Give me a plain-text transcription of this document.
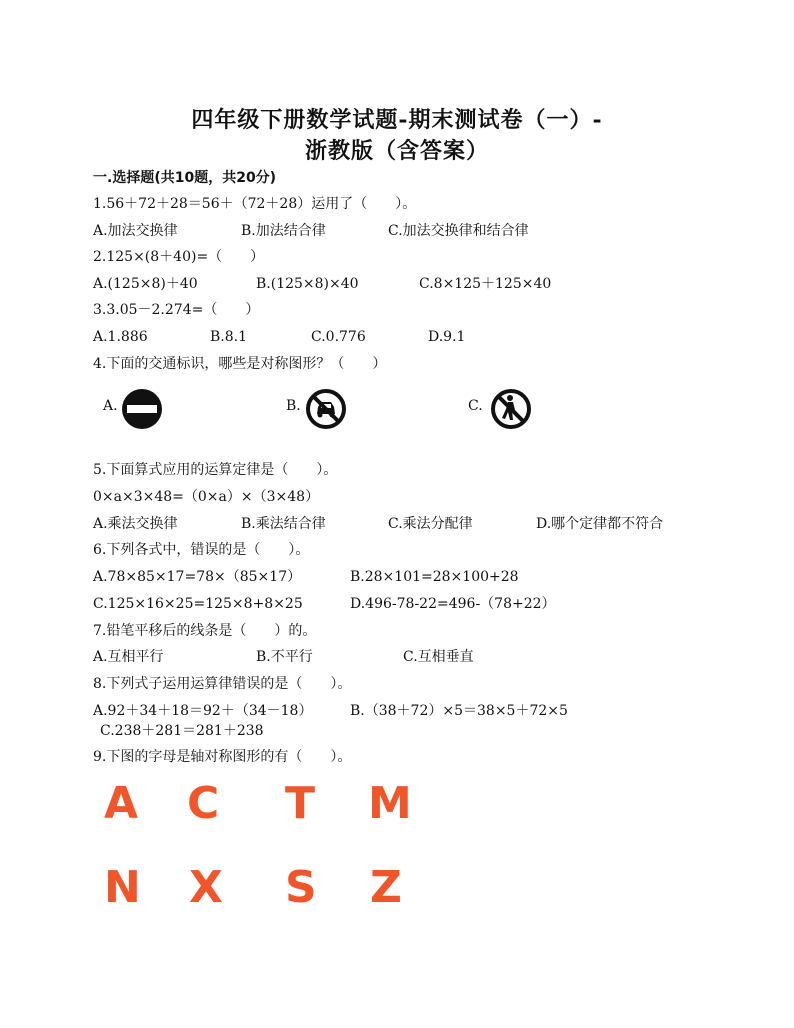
四年级下册数学试题-期末测试卷（一）-
浙教版（含答案）
一.选择题(共10题，共20分)
1.56＋72＋28＝56＋（72＋28）运用了（　　）。
A.加法交换律	B.加法结合律	C.加法交换律和结合律
2.125×(8＋40)=（　　）
A.(125×8)＋40	B.(125×8)×40	C.8×125＋125×40
3.3.05－2.274=（　　）
A.1.886	B.8.1	C.0.776	D.9.1
4.下面的交通标识，哪些是对称图形？（　　）
A.	B.	C.
5.下面算式应用的运算定律是（　　）。
0×a×3×48=（0×a）×（3×48）
A.乘法交换律	B.乘法结合律	C.乘法分配律	D.哪个定律都不符合
6.下列各式中，错误的是（　　）。
A.78×85×17=78×（85×17）	B.28×101=28×100+28
C.125×16×25=125×8+8×25	D.496-78-22=496-（78+22）
7.铅笔平移后的线条是（　　）的。
A.互相平行	B.不平行	C.互相垂直
8.下列式子运用运算律错误的是（　　）。
A.92＋34＋18＝92＋（34－18）	B.（38＋72）×5＝38×5＋72×5
C.238＋281＝281＋238
9.下图的字母是轴对称图形的有（　　）。
A C T M
N X S Z
